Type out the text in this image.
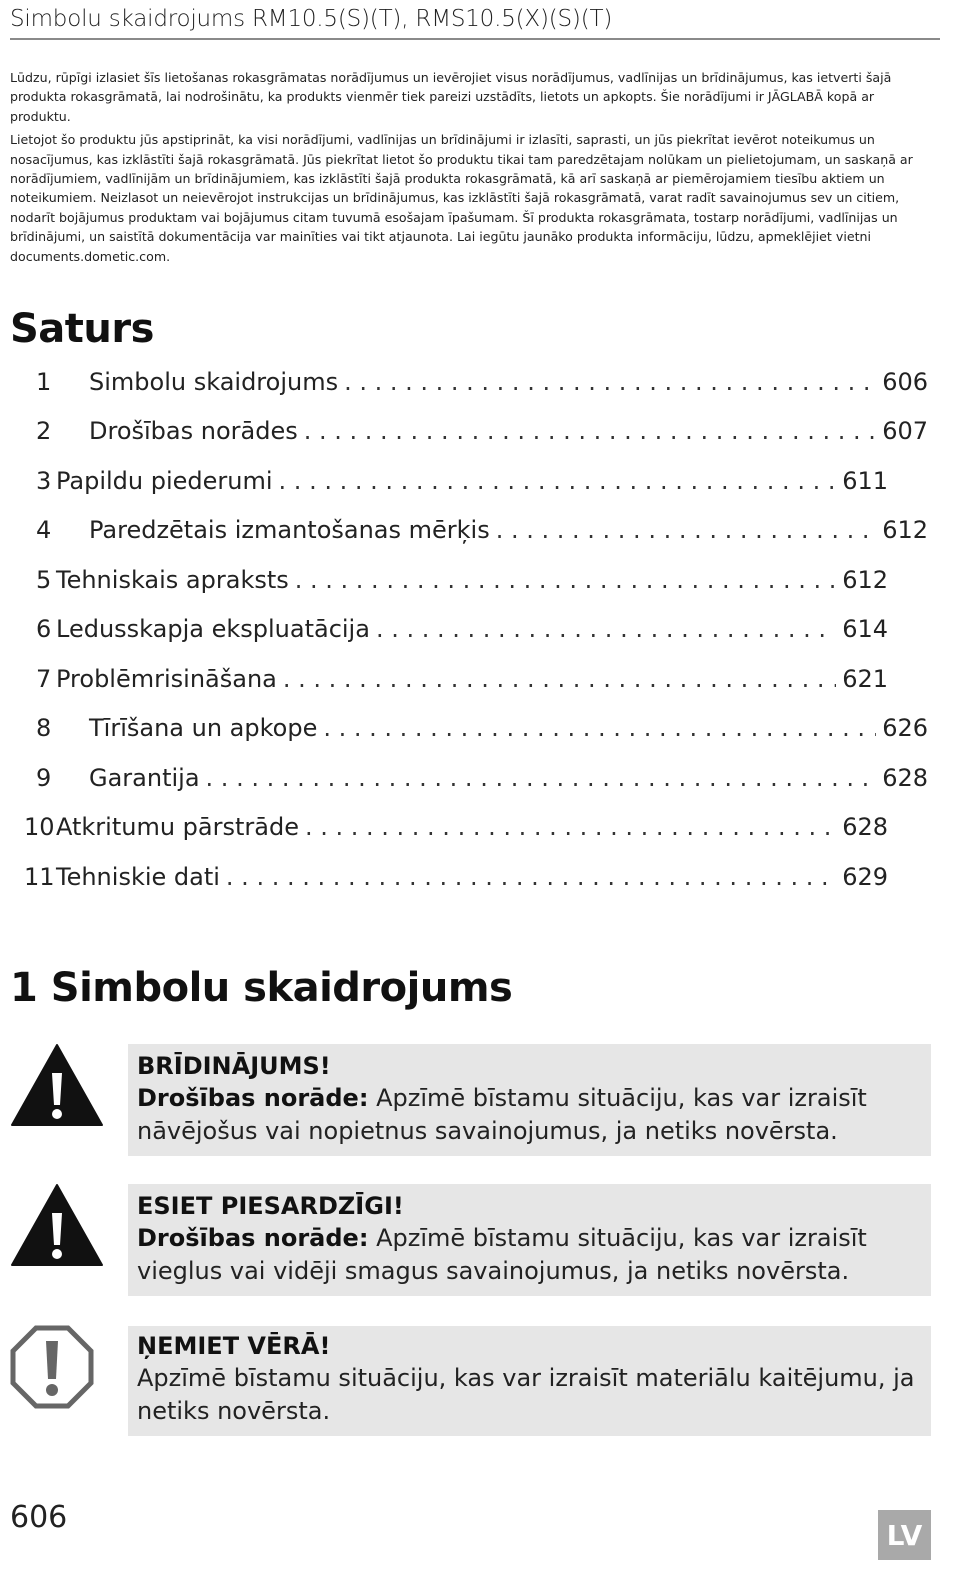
Simbolu skaidrojums RM10.5(S)(T), RMS10.5(X)(S)(T)

Lūdzu, rūpīgi izlasiet šīs lietošanas rokasgrāmatas norādījumus un ievērojiet visus norādījumus, vadlīnijas un brīdinājumus, kas ietverti šajā produkta rokasgrāmatā, lai nodrošinātu, ka produkts vienmēr tiek pareizi uzstādīts, lietots un apkopts. Šie norādījumi ir JĀGLABĀ kopā ar produktu.

Lietojot šo produktu jūs apstiprināt, ka visi norādījumi, vadlīnijas un brīdinājumi ir izlasīti, saprasti, un jūs piekrītat ievērot noteikumus un nosacījumus, kas izklāstīti šajā rokasgrāmatā. Jūs piekrītat lietot šo produktu tikai tam paredzētajam nolūkam un pielietojumam, un saskaņā ar norādījumiem, vadlīnijām un brīdinājumiem, kas izklāstīti šajā produkta rokasgrāmatā, kā arī saskaņā ar piemērojamiem tiesību aktiem un noteikumiem. Neizlasot un neievērojot instrukcijas un brīdinājumus, kas izklāstīti šajā rokasgrāmatā, varat radīt savainojumus sev un citiem, nodarīt bojājumus produktam vai bojājumus citam tuvumā esošajam īpašumam. Šī produkta rokasgrāmata, tostarp norādījumi, vadlīnijas un brīdinājumi, un saistītā dokumentācija var mainīties vai tikt atjaunota. Lai iegūtu jaunāko produkta informāciju, lūdzu, apmeklējiet vietni documents.dometic.com.

Saturs
1	Simbolu skaidrojums . . .	606
2	Drošības norādes . . .	607
3 Papildu piederumi . . .	611
4	Paredzētais izmantošanas mērķis . . .	612
5 Tehniskais apraksts . . .	612
6 Ledusskapja ekspluatācija . . .	614
7 Problēmrisināšana . . .	621
8	Tīrīšana un apkope . . .	626
9	Garantija . . .	628
10 Atkritumu pārstrāde . . .	628
11 Tehniskie dati . . .	629
1 Simbolu skaidrojums
BRĪDINĀJUMS!
Drošības norāde: Apzīmē bīstamu situāciju, kas var izraisīt nāvējošus vai nopietnus savainojumus, ja netiks novērsta.
ESIET PIESARDZĪGI!
Drošības norāde: Apzīmē bīstamu situāciju, kas var izraisīt vieglus vai vidēji smagus savainojumus, ja netiks novērsta.
ŅEMIET VĒRĀ!
Apzīmē bīstamu situāciju, kas var izraisīt materiālu kaitējumu, ja netiks novērsta.
606	LV
